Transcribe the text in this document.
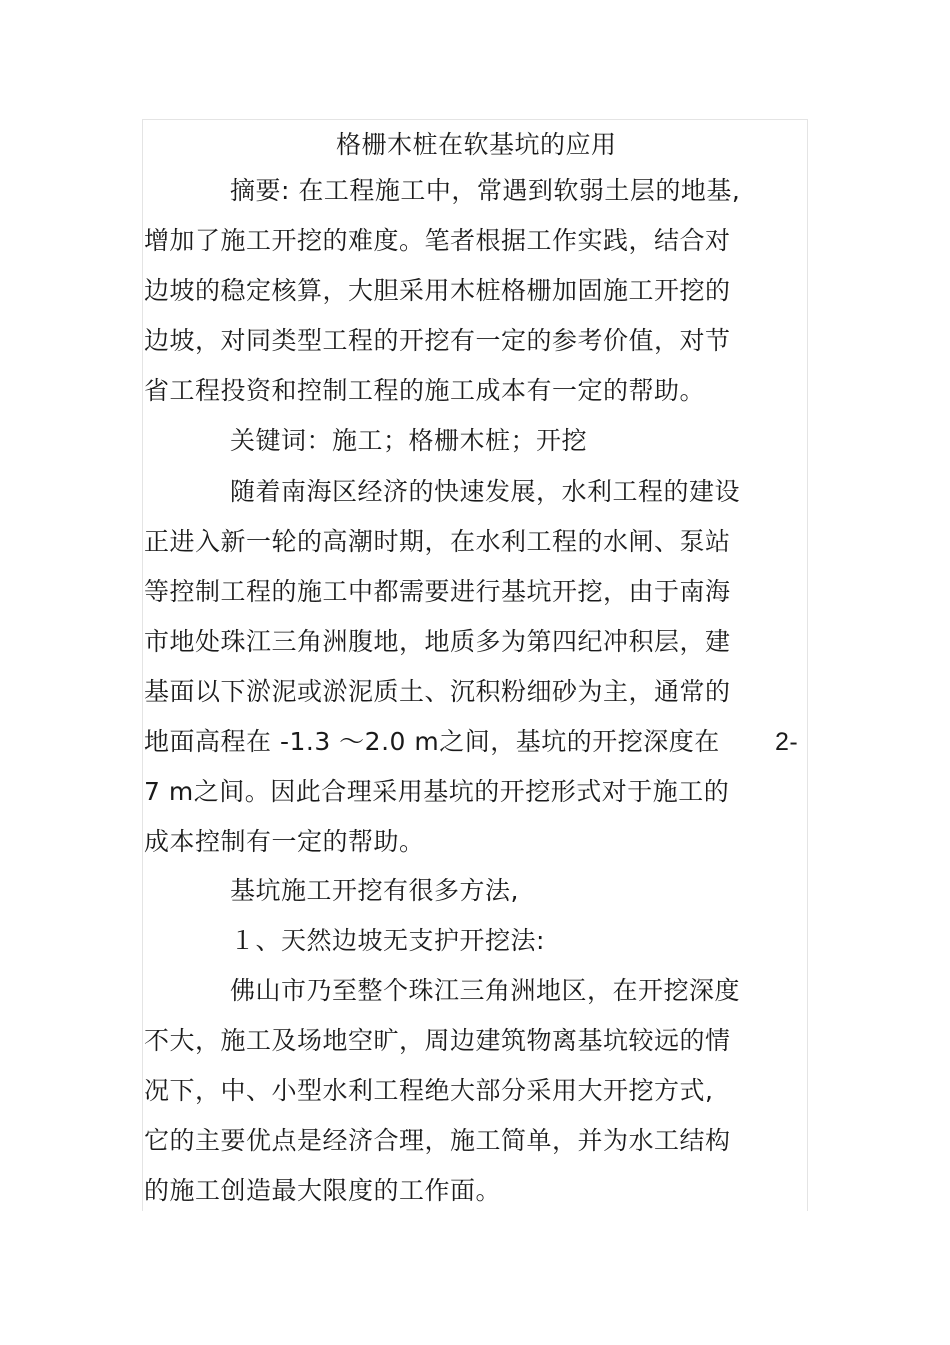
格栅木桩在软基坑的应用
摘要: 在工程施工中，常遇到软弱土层的地基,
增加了施工开挖的难度。笔者根据工作实践，结合对
边坡的稳定核算，大胆采用木桩格栅加固施工开挖的
边坡，对同类型工程的开挖有一定的参考价值，对节
省工程投资和控制工程的施工成本有一定的帮助。
关键词：施工；格栅木桩；开挖
随着南海区经济的快速发展，水利工程的建设
正进入新一轮的高潮时期，在水利工程的水闸、泵站
等控制工程的施工中都需要进行基坑开挖，由于南海
市地处珠江三角洲腹地，地质多为第四纪冲积层，建
基面以下淤泥或淤泥质土、沉积粉细砂为主，通常的
地面高程在 -1.3 ～2.0 m之间，基坑的开挖深度在 2-
7 m之间。因此合理采用基坑的开挖形式对于施工的
成本控制有一定的帮助。
基坑施工开挖有很多方法,
１、天然边坡无支护开挖法:
佛山市乃至整个珠江三角洲地区，在开挖深度
不大，施工及场地空旷，周边建筑物离基坑较远的情
况下，中、小型水利工程绝大部分采用大开挖方式,
它的主要优点是经济合理，施工简单，并为水工结构
的施工创造最大限度的工作面。
